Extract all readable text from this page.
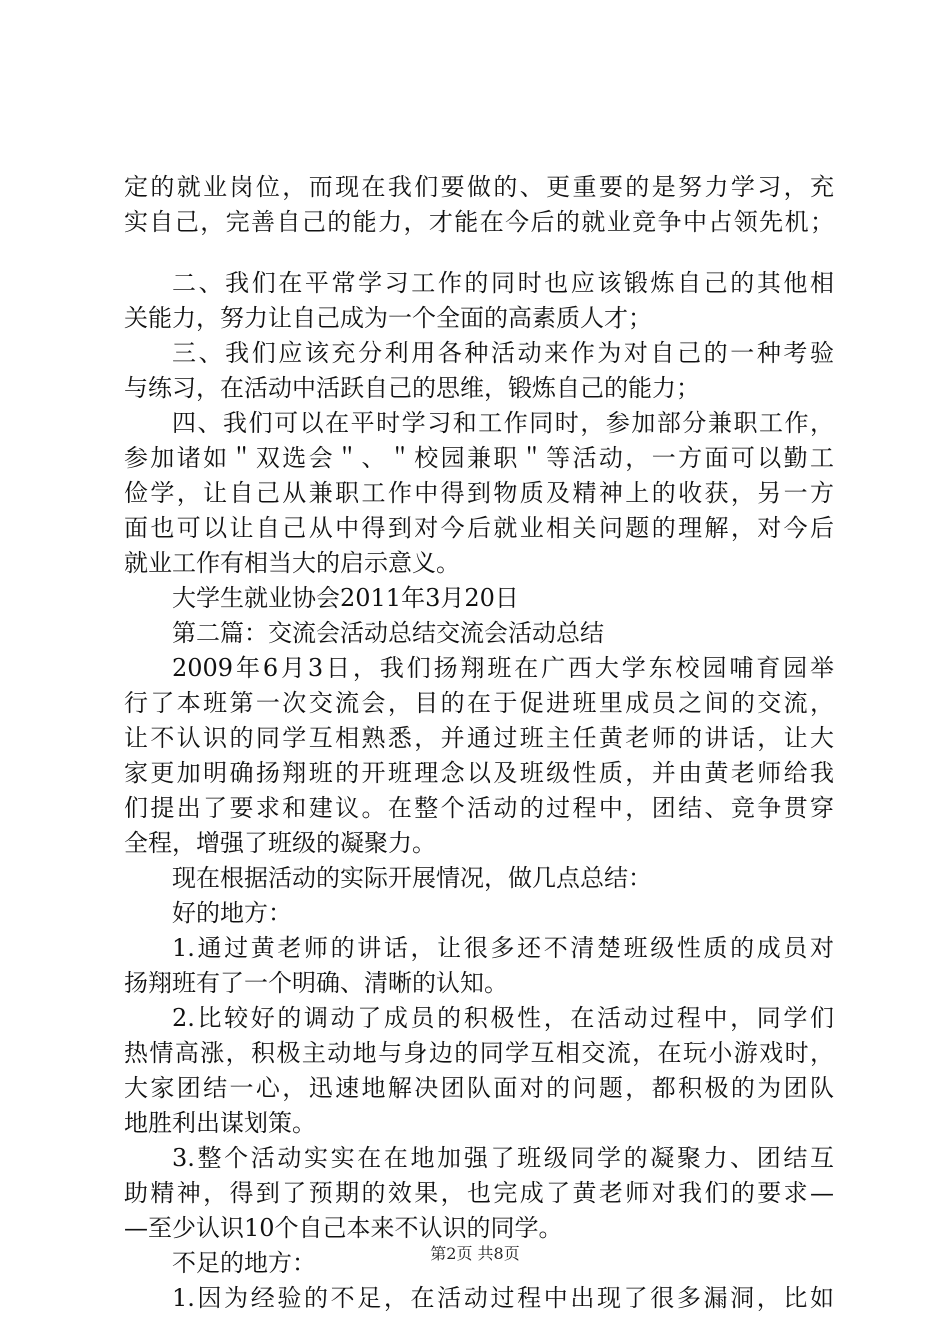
定的就业岗位，而现在我们要做的、更重要的是努力学习，充
实自己，完善自己的能力，才能在今后的就业竞争中占领先机；
二、我们在平常学习工作的同时也应该锻炼自己的其他相
关能力，努力让自己成为一个全面的高素质人才；
三、我们应该充分利用各种活动来作为对自己的一种考验
与练习，在活动中活跃自己的思维，锻炼自己的能力；
四、我们可以在平时学习和工作同时，参加部分兼职工作，
参加诸如＂双选会＂、＂校园兼职＂等活动，一方面可以勤工
俭学，让自己从兼职工作中得到物质及精神上的收获，另一方
面也可以让自己从中得到对今后就业相关问题的理解，对今后
就业工作有相当大的启示意义。
大学生就业协会2011年3月20日
第二篇：交流会活动总结交流会活动总结
2009年6月3日，我们扬翔班在广西大学东校园哺育园举
行了本班第一次交流会，目的在于促进班里成员之间的交流，
让不认识的同学互相熟悉，并通过班主任黄老师的讲话，让大
家更加明确扬翔班的开班理念以及班级性质，并由黄老师给我
们提出了要求和建议。在整个活动的过程中，团结、竞争贯穿
全程，增强了班级的凝聚力。
现在根据活动的实际开展情况，做几点总结：
好的地方：
1.通过黄老师的讲话，让很多还不清楚班级性质的成员对
扬翔班有了一个明确、清晰的认知。
2.比较好的调动了成员的积极性，在活动过程中，同学们
热情高涨，积极主动地与身边的同学互相交流，在玩小游戏时，
大家团结一心，迅速地解决团队面对的问题，都积极的为团队
地胜利出谋划策。
3.整个活动实实在在地加强了班级同学的凝聚力、团结互
助精神，得到了预期的效果，也完成了黄老师对我们的要求—
—至少认识10个自己本来不认识的同学。
不足的地方：
1.因为经验的不足，在活动过程中出现了很多漏洞，比如
第2页 共8页
